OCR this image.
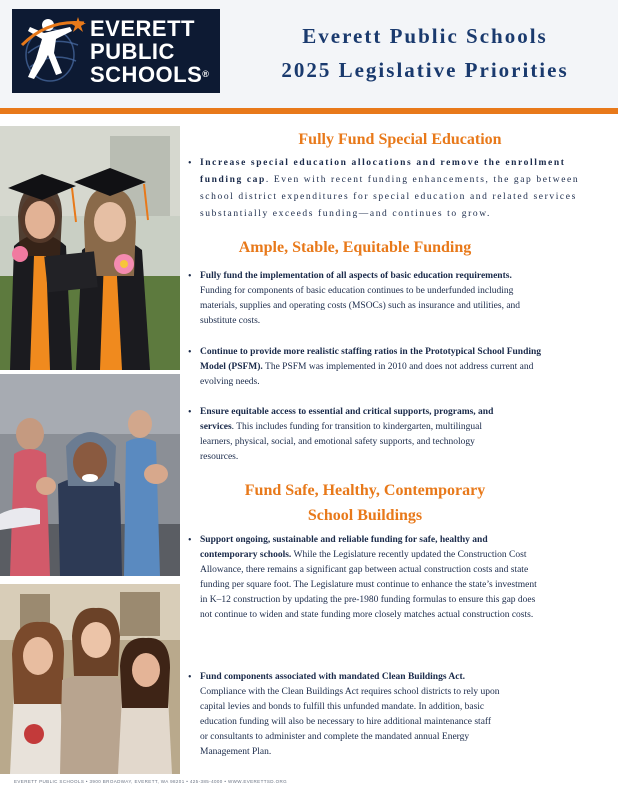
EVERETT
PUBLIC
SCHOOLS®
Everett Public Schools
2025 Legislative Priorities
Fully Fund Special Education
• Increase special education allocations and remove the enrollment funding cap. Even with recent funding enhancements, the gap between school district expenditures for special education and related services substantially exceeds funding—and continues to grow.
Ample, Stable, Equitable Funding
• Fully fund the implementation of all aspects of basic education requirements. Funding for components of basic education continues to be underfunded including materials, supplies and operating costs (MSOCs) such as insurance and utilities, and substitute costs.
• Continue to provide more realistic staffing ratios in the Prototypical School Funding Model (PSFM). The PSFM was implemented in 2010 and does not address current and evolving needs.
• Ensure equitable access to essential and critical supports, programs, and services. This includes funding for transition to kindergarten, multilingual learners, physical, social, and emotional safety supports, and technology resources.
Fund Safe, Healthy, Contemporary
School Buildings
• Support ongoing, sustainable and reliable funding for safe, healthy and contemporary schools. While the Legislature recently updated the Construction Cost Allowance, there remains a significant gap between actual construction costs and state funding per square foot. The Legislature must continue to enhance the state’s investment in K–12 construction by updating the pre-1980 funding formulas to ensure this gap does not continue to widen and state funding more closely matches actual construction costs.
• Fund components associated with mandated Clean Buildings Act. Compliance with the Clean Buildings Act requires school districts to rely upon capital levies and bonds to fulfill this unfunded mandate. In addition, basic education funding will also be necessary to hire additional maintenance staff or consultants to administer and complete the mandated annual Energy Management Plan.
EVERETT PUBLIC SCHOOLS • 3900 BROADWAY, EVERETT, WA 98201 • 425-385-4000 • WWW.EVERETTSD.ORG
